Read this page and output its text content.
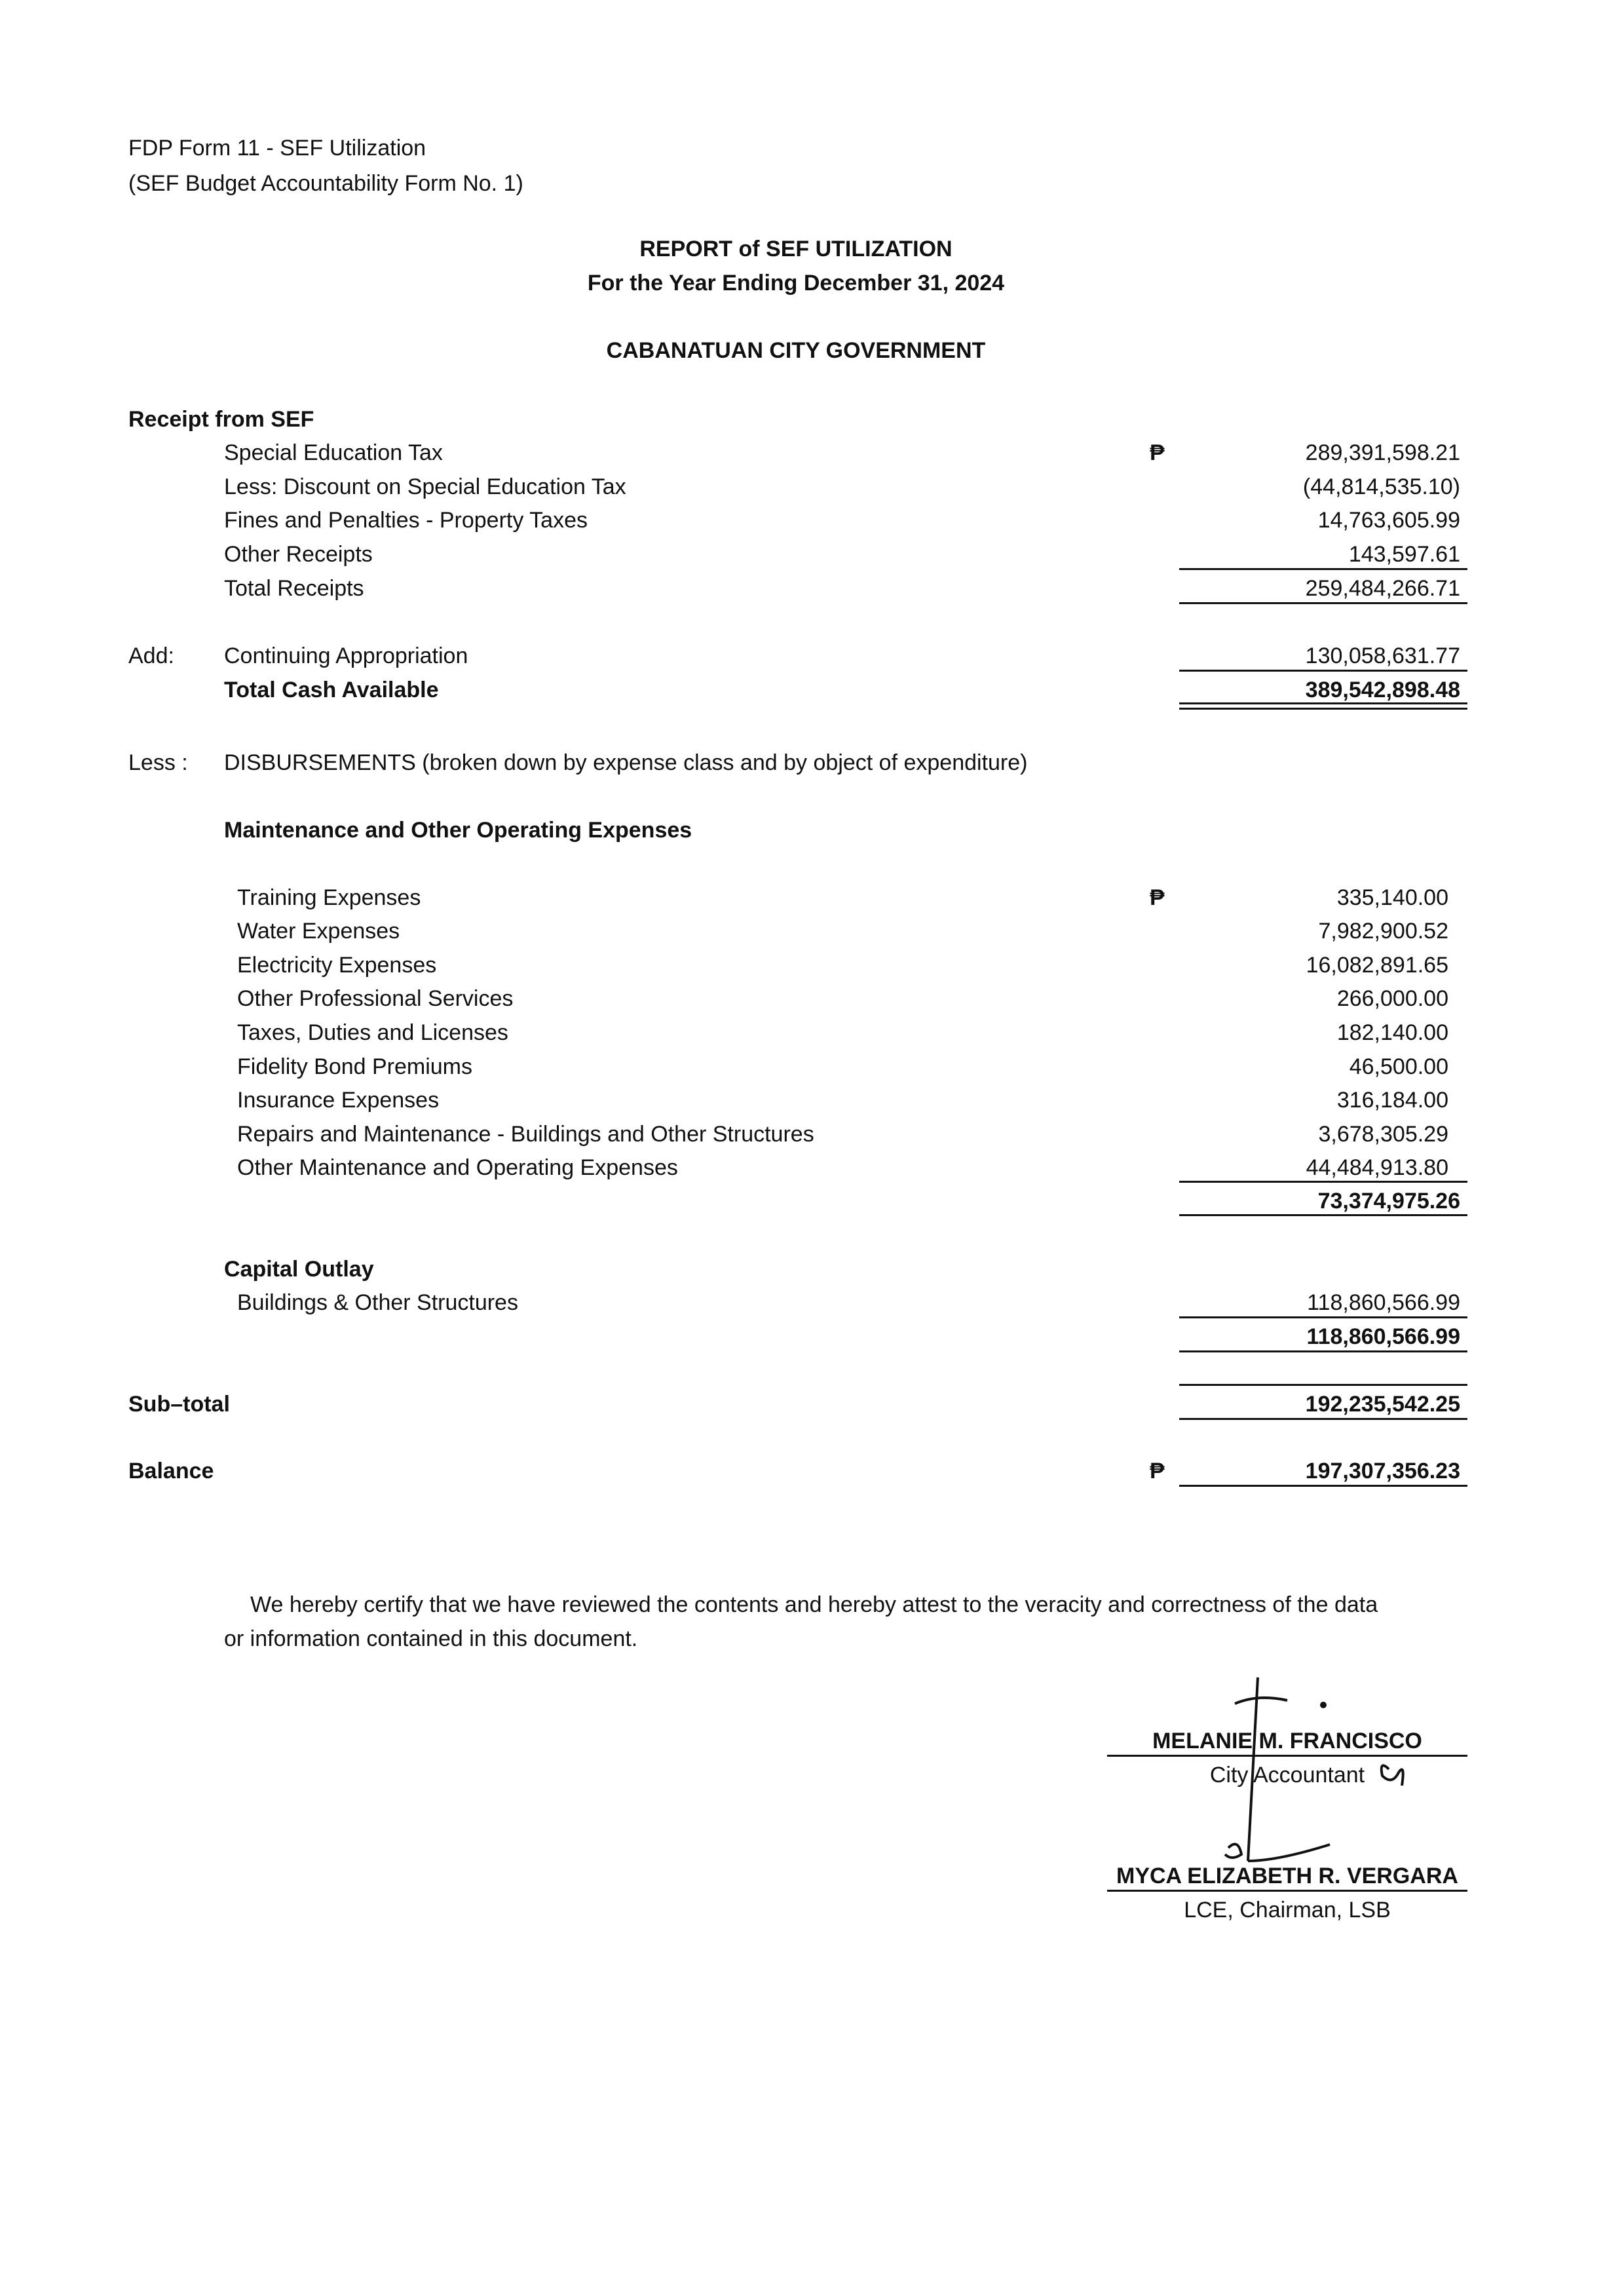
FDP Form 11 - SEF Utilization
(SEF Budget Accountability Form No. 1)
REPORT of SEF UTILIZATION
For the Year Ending December 31, 2024
CABANATUAN CITY GOVERNMENT
Receipt from SEF
Special Education Tax	₱	289,391,598.21
Less: Discount on Special Education Tax	(44,814,535.10)
Fines and Penalties - Property Taxes	14,763,605.99
Other Receipts	143,597.61
Total Receipts	259,484,266.71
Add: Continuing Appropriation	130,058,631.77
Total Cash Available	389,542,898.48
Less : DISBURSEMENTS (broken down by expense class and by object of expenditure)
Maintenance and Other Operating Expenses
Training Expenses	₱	335,140.00
Water Expenses	7,982,900.52
Electricity Expenses	16,082,891.65
Other Professional Services	266,000.00
Taxes, Duties and Licenses	182,140.00
Fidelity Bond Premiums	46,500.00
Insurance Expenses	316,184.00
Repairs and Maintenance - Buildings and Other Structures	3,678,305.29
Other Maintenance and Operating Expenses	44,484,913.80
73,374,975.26
Capital Outlay
Buildings & Other Structures	118,860,566.99
118,860,566.99
Sub–total	192,235,542.25
Balance	₱	197,307,356.23
We hereby certify that we have reviewed the contents and hereby attest to the veracity and correctness of the data
or information contained in this document.
MELANIE M. FRANCISCO
City Accountant
MYCA ELIZABETH R. VERGARA
LCE, Chairman, LSB
